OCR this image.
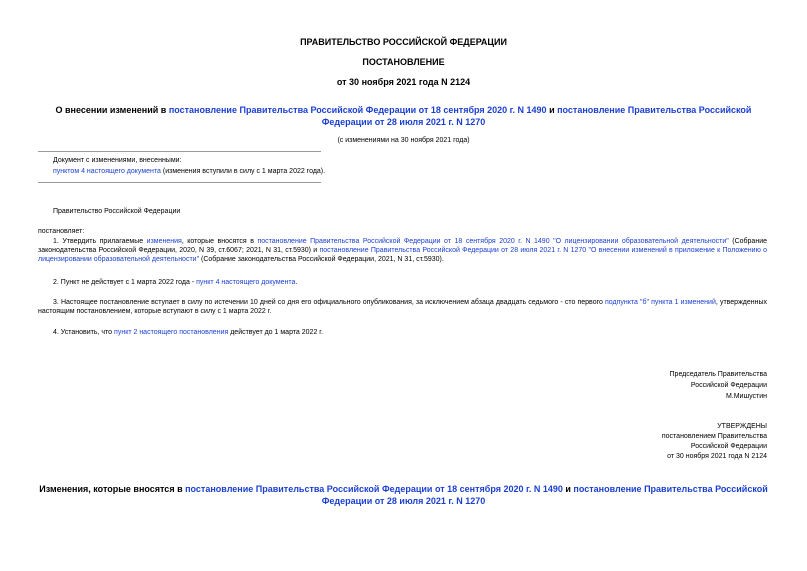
ПРАВИТЕЛЬСТВО РОССИЙСКОЙ ФЕДЕРАЦИИ
ПОСТАНОВЛЕНИЕ
от 30 ноября 2021 года N 2124
О внесении изменений в постановление Правительства Российской Федерации от 18 сентября 2020 г. N 1490 и постановление Правительства Российской
Федерации от 28 июля 2021 г. N 1270
(с изменениями на 30 ноября 2021 года)
Документ с изменениями, внесенными:
пунктом 4 настоящего документа (изменения вступили в силу с 1 марта 2022 года).
Правительство Российской Федерации
постановляет:
1. Утвердить прилагаемые изменения, которые вносятся в постановление Правительства Российской Федерации от 18 сентября 2020 г. N 1490 "О лицензировании образовательной деятельности" (Собрание законодательства Российской Федерации, 2020, N 39, ст.6067; 2021, N 31, ст.5930) и постановление Правительства Российской Федерации от 28 июля 2021 г. N 1270 "О внесении изменений в приложение к Положению о лицензировании образовательной деятельности" (Собрание законодательства Российской Федерации, 2021, N 31, ст.5930).
2. Пункт не действует с 1 марта 2022 года - пункт 4 настоящего документа.
3. Настоящее постановление вступает в силу по истечении 10 дней со дня его официального опубликования, за исключением абзаца двадцать седьмого - сто первого подпункта "б" пункта 1 изменений, утвержденных настоящим постановлением, которые вступают в силу с 1 марта 2022 г.
4. Установить, что пункт 2 настоящего постановления действует до 1 марта 2022 г.
Председатель Правительства
Российской Федерации
М.Мишустин
УТВЕРЖДЕНЫ
постановлением Правительства
Российской Федерации
от 30 ноября 2021 года N 2124
Изменения, которые вносятся в постановление Правительства Российской Федерации от 18 сентября 2020 г. N 1490 и постановление Правительства Российской
Федерации от 28 июля 2021 г. N 1270
